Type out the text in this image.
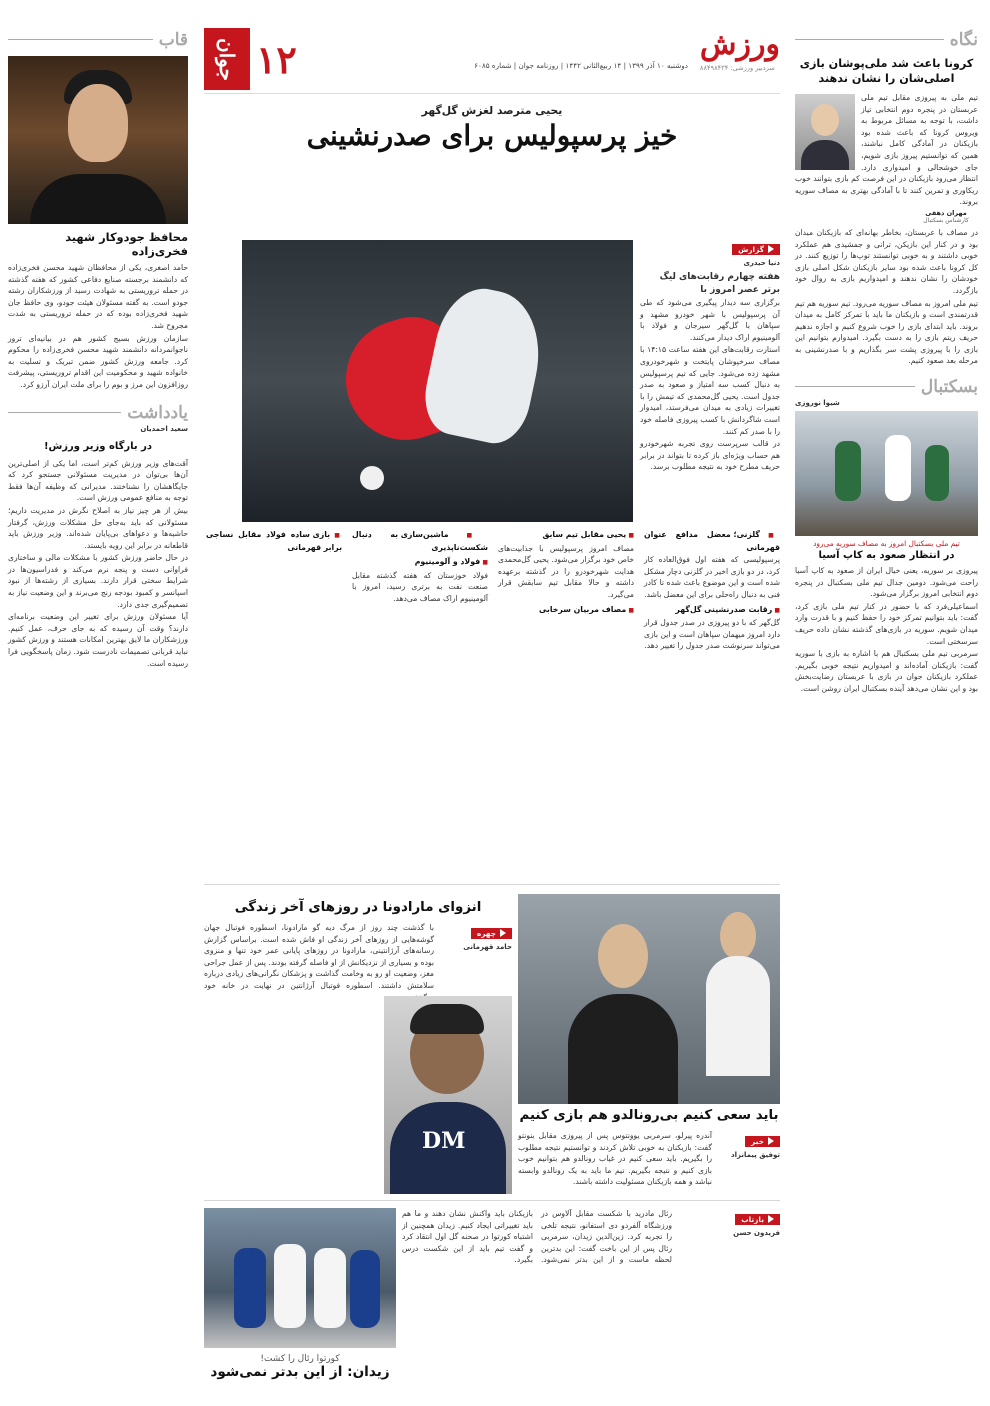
نگاه
کرونا باعث شد ملی‌پوشان بازی اصلی‌شان را نشان ندهند

تیم ملی به پیروزی مقابل تیم ملی عربستان در پنجره دوم انتخابی تیاز داشت، با توجه به مسائل مربوط به ویروس کرونا که باعث شده بود بازیکنان در آمادگی کامل نباشند، همین که توانستیم پیروز بازی شویم، جای خوشحالی و امیدواری دارد. انتظار می‌رود بازیکنان در این فرصت کم بازی بتوانند خوب ریکاوری و تمرین کنند تا با آمادگی بهتری به مصاف سوریه بروند.

مهران دهقی
کارشناس بسکتبال

در مصاف با عربستان، بخاطر بهانه‌ای که بازیکنان میدان بود و در کنار این بازیکن، ترانی و جمشیدی هم عملکرد خوبی داشتند و به خوبی توانستند توپ‌ها را توزیع کنند. در کل کرونا باعث شده بود سایر بازیکنان شکل اصلی بازی خودشان را نشان ندهند و امیدواریم بازی به روال خود بازگردد.

تیم ملی امروز به مصاف سوریه می‌رود. تیم سوریه هم تیم قدرتمندی است و بازیکنان ما باید با تمرکز کامل به میدان بروند. باید ابتدای بازی را خوب شروع کنیم و اجازه ندهیم حریف ریتم بازی را به دست بگیرد. امیدوارم بتوانیم این بازی را با پیروزی پشت سر بگذاریم و با صدرنشینی به مرحله بعد صعود کنیم.

بسکتبال
شیوا نوروزی
تیم ملی بسکتبال امروز به مصاف سوریه می‌رود
در انتظار صعود به کاپ آسیا

پیروزی بر سوریه، یعنی خیال ایران از صعود به کاپ آسیا راحت می‌شود. دومین جدال تیم ملی بسکتبال در پنجره دوم انتخابی امروز برگزار می‌شود.

اسماعیلی‌فرد که با حضور در کنار تیم ملی بازی کرد، گفت: باید بتوانیم تمرکز خود را حفظ کنیم و با قدرت وارد میدان شویم. سوریه در بازی‌های گذشته نشان داده حریف سرسختی است.

سرمربی تیم ملی بسکتبال هم با اشاره به بازی با سوریه گفت: بازیکنان آماده‌اند و امیدواریم نتیجه خوبی بگیریم. عملکرد بازیکنان جوان در بازی با عربستان رضایت‌بخش بود و این نشان می‌دهد آینده بسکتبال ایران روشن است.

قاب
محافظ جودوکار شهید فخری‌زاده

حامد اصغری، یکی از محافظان شهید محسن فخری‌زاده که دانشمند برجسته صنایع دفاعی کشور که هفته گذشته در حمله تروریستی به شهادت رسید از ورزشکاران رشته جودو است. به گفته مسئولان هیئت جودو، وی حافظ جان شهید فخری‌زاده بوده که در حمله تروریستی به شدت مجروح شد.

سازمان ورزش بسیج کشور هم در بیانیه‌ای ترور ناجوانمردانه دانشمند شهید محسن فخری‌زاده را محکوم کرد. جامعه ورزش کشور ضمن تبریک و تسلیت به خانواده شهید و محکومیت این اقدام تروریستی، پیشرفت روزافزون این مرز و بوم را برای ملت ایران آرزو کرد.

یادداشت
سعید احمدیان
در بارگاه وزیر ورزش!

آقت‌های وزیر ورزش کم‌تر است، اما یکی از اصلی‌ترین آن‌ها بی‌توان در مدیریت مسئولانی جستجو کرد که جایگاهشان را نشناختند. مدیرانی که وظیفه آن‌ها فقط توجه به منافع عمومی ورزش است.

بیش از هر چیز نیاز به اصلاح نگرش در مدیریت داریم؛ مسئولانی که باید به‌جای حل مشکلات ورزش، گرفتار حاشیه‌ها و دعواهای بی‌پایان شده‌اند. وزیر ورزش باید قاطعانه در برابر این رویه بایستد.

در حال حاضر ورزش کشور با مشکلات مالی و ساختاری فراوانی دست و پنجه نرم می‌کند و فدراسیون‌ها در شرایط سختی قرار دارند. بسیاری از رشته‌ها از نبود اسپانسر و کمبود بودجه رنج می‌برند و این وضعیت نیاز به تصمیم‌گیری جدی دارد.

آیا مسئولان ورزش برای تغییر این وضعیت برنامه‌ای دارند؟ وقت آن رسیده که به جای حرف، عمل کنیم. ورزشکاران ما لایق بهترین امکانات هستند و ورزش کشور نباید قربانی تصمیمات نادرست شود. زمان پاسخگویی فرا رسیده است.

ورزش
سردبیر ورزشی: ۸۸۴۹۸۴۳۴
دوشنبه ۱۰ آذر ۱۳۹۹ | ۱۴ ربیع‌الثانی ۱۴۴۲ | روزنامه جوان | شماره ۶۰۸۵
۱۲
جوان
یحیی مترصد لغزش گل‌گهر
خیز پرسپولیس برای صدرنشینی
گزارش
دنیا حیدری
هفته چهارم رقابت‌های لیگ برتر عصر امروز با

برگزاری سه دیدار پیگیری می‌شود که طی آن پرسپولیس با شهر خودرو مشهد و سپاهان با گل‌گهر سیرجان و فولاد با آلومینیوم اراک دیدار می‌کنند.

استارت رقابت‌های این هفته ساعت ۱۴:۱۵ با مصاف سرخپوشان پایتخت و شهرخودروی مشهد زده می‌شود. جایی که تیم پرسپولیس به دنبال کسب سه امتیاز و صعود به صدر جدول است. یحیی گل‌محمدی که تیمش را با تغییرات زیادی به میدان می‌فرستد، امیدوار است شاگردانش با کسب پیروزی فاصله خود را با صدر کم کنند.

در قالب سرپرست روی تجربه شهرخودرو هم حساب ویژه‌ای باز کرده تا بتواند در برابر حریف مطرح خود به نتیجه مطلوب برسد.

■ گلزنی؛ معضل مدافع عنوان قهرمانی

پرسپولیسی که هفته اول فوق‌العاده کار کرد، در دو بازی اخیر در گلزنی دچار مشکل شده است و این موضوع باعث شده تا کادر فنی به دنبال راه‌حلی برای این معضل باشد.

■ رقابت صدرنشینی گل‌گهر

گل‌گهر که با دو پیروزی در صدر جدول قرار دارد امروز میهمان سپاهان است و این بازی می‌تواند سرنوشت صدر جدول را تغییر دهد.

■ یحیی مقابل تیم سابق

مصاف امروز پرسپولیس با جذابیت‌های خاص خود برگزار می‌شود. یحیی گل‌محمدی هدایت شهرخودرو را در گذشته برعهده داشته و حالا مقابل تیم سابقش قرار می‌گیرد.

■ مصاف مربیان سرخابی
■ ماشین‌سازی به دنبال شکست‌ناپذیری
■ فولاد و آلومینیوم

فولاد خوزستان که هفته گذشته مقابل صنعت نفت به برتری رسید، امروز با آلومینیوم اراک مصاف می‌دهد.

■ بازی ساده فولاد مقابل نساجی برابر قهرمانی
باید سعی کنیم بی‌رونالدو هم بازی کنیم
خبر
توفیق پیمانزاد
آندره پیرلو، سرمربی یوونتوس پس از پیروزی مقابل بنونتو گفت: بازیکنان به خوبی تلاش کردند و توانستیم نتیجه مطلوب را بگیریم. باید سعی کنیم در غیاب رونالدو هم بتوانیم خوب بازی کنیم و نتیجه بگیریم. تیم ما باید به یک رونالدو وابسته نباشد و همه بازیکنان مسئولیت داشته باشند.
انزوای مارادونا در روزهای آخر زندگی
چهره
حامد قهرمانی
با گذشت چند روز از مرگ دیه گو مارادونا، اسطوره فوتبال جهان گوشه‌هایی از روزهای آخر زندگی او فاش شده است. براساس گزارش رسانه‌های آرژانتینی، مارادونا در روزهای پایانی عمر خود تنها و منزوی بوده و بسیاری از نزدیکانش از او فاصله گرفته بودند. پس از عمل جراحی مغز، وضعیت او رو به وخامت گذاشت و پزشکان نگرانی‌های زیادی درباره سلامتش داشتند. اسطوره فوتبال آرژانتین در نهایت در خانه خود
DM
بازتاب
فریدون حسن
رئال مادرید با شکست مقابل آلاوس در ورزشگاه آلفردو دی استفانو، نتیجه تلخی را تجربه کرد. زین‌الدین زیدان، سرمربی رئال پس از این باخت گفت: این بدترین لحظه ماست و از این بدتر نمی‌شود. بازیکنان باید واکنش نشان دهند و ما هم باید تغییراتی ایجاد کنیم. زیدان همچنین از اشتباه کورتوا در صحنه گل اول انتقاد کرد و گفت تیم باید از این شکست درس بگیرد.
کورتوا رئال را کشت!
زیدان: از این بدتر نمی‌شود
